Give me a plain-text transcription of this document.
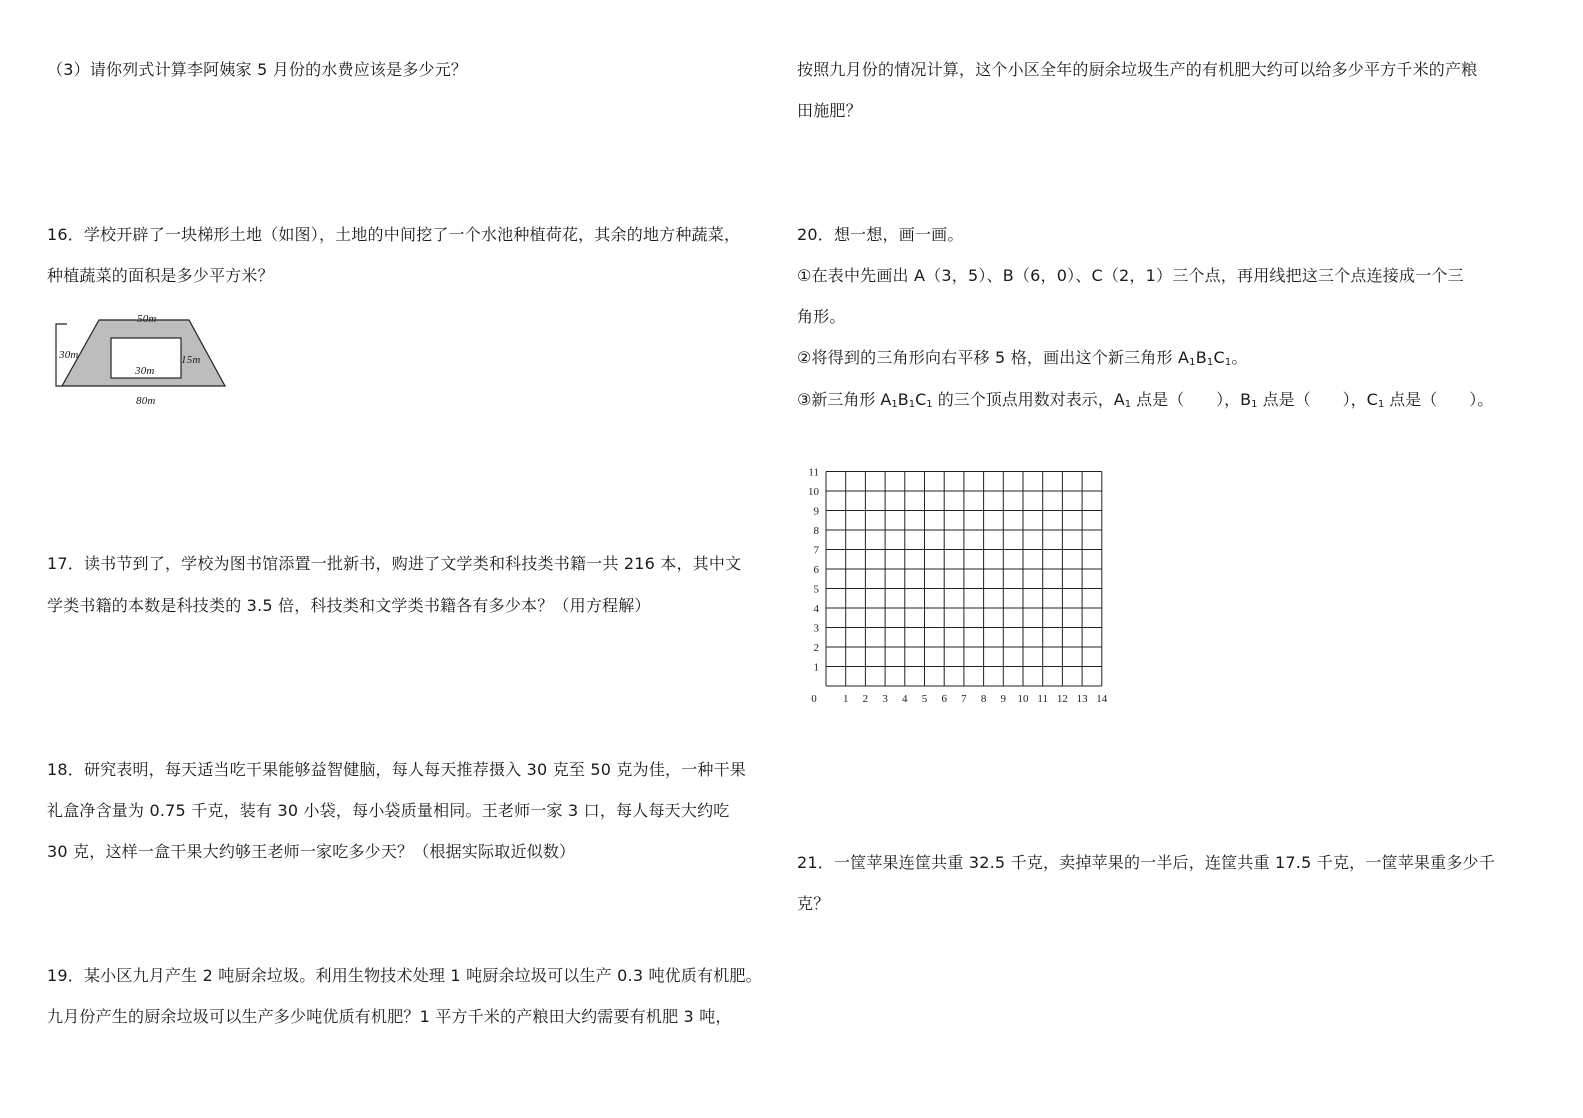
（3）请你列式计算李阿姨家 5 月份的水费应该是多少元？
16．学校开辟了一块梯形土地（如图），土地的中间挖了一个水池种植荷花，其余的地方种蔬菜，
种植蔬菜的面积是多少平方米？
50m
30m
30m
15m
80m
17．读书节到了，学校为图书馆添置一批新书，购进了文学类和科技类书籍一共 216 本，其中文
学类书籍的本数是科技类的 3.5 倍，科技类和文学类书籍各有多少本？（用方程解）
18．研究表明，每天适当吃干果能够益智健脑，每人每天推荐摄入 30 克至 50 克为佳，一种干果
礼盒净含量为 0.75 千克，装有 30 小袋，每小袋质量相同。王老师一家 3 口，每人每天大约吃
30 克，这样一盒干果大约够王老师一家吃多少天？（根据实际取近似数）
19．某小区九月产生 2 吨厨余垃圾。利用生物技术处理 1 吨厨余垃圾可以生产 0.3 吨优质有机肥。
九月份产生的厨余垃圾可以生产多少吨优质有机肥？1 平方千米的产粮田大约需要有机肥 3 吨，
按照九月份的情况计算，这个小区全年的厨余垃圾生产的有机肥大约可以给多少平方千米的产粮
田施肥？
20．想一想，画一画。
①在表中先画出 A（3，5）、B（6，0）、C（2，1）三个点，再用线把这三个点连接成一个三
角形。
②将得到的三角形向右平移 5 格，画出这个新三角形 $A_1B_1C_1$。
③新三角形 $A_1B_1C_1$ 的三个顶点用数对表示，$A_1$ 点是（　　），$B_1$ 点是（　　），$C_1$ 点是（　　）。
0 1 2 3 4 5 6 7 8 9 10 11 12 13 14
1
2
3
4
5
6
7
8
9
10
11
21．一筐苹果连筐共重 32.5 千克，卖掉苹果的一半后，连筐共重 17.5 千克，一筐苹果重多少千
克？
